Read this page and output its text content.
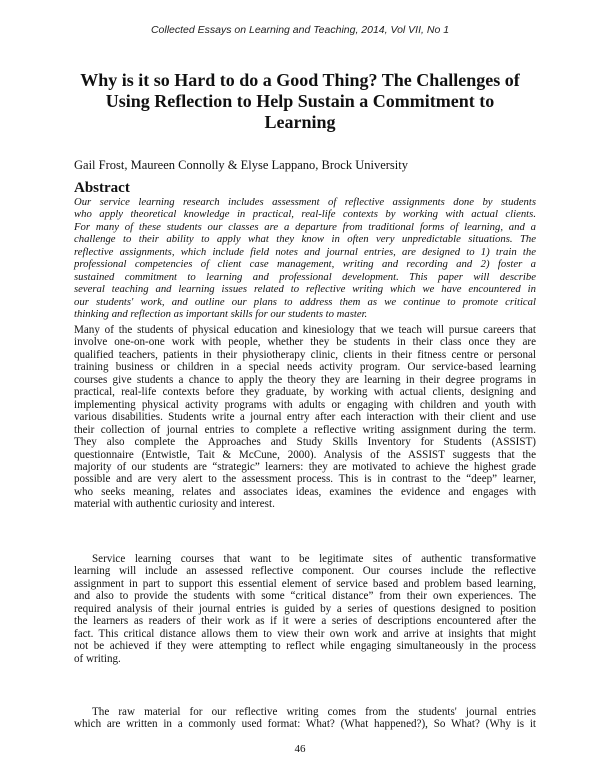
Collected Essays on Learning and Teaching, 2014, Vol VII, No 1
Why is it so Hard to do a Good Thing? The Challenges of
Using Reflection to Help Sustain a Commitment to
Learning
Gail Frost, Maureen Connolly & Elyse Lappano, Brock University
Abstract
Our service learning research includes assessment of reflective assignments done by students
who apply theoretical knowledge in practical, real-life contexts by working with actual clients.
For many of these students our classes are a departure from traditional forms of learning, and a
challenge to their ability to apply what they know in often very unpredictable situations. The
reflective assignments, which include field notes and journal entries, are designed to 1) train the
professional competencies of client case management, writing and recording and 2) foster a
sustained commitment to learning and professional development. This paper will describe
several teaching and learning issues related to reflective writing which we have encountered in
our students' work, and outline our plans to address them as we continue to promote critical
thinking and reflection as important skills for our students to master.
Many of the students of physical education and kinesiology that we teach will pursue careers that
involve one-on-one work with people, whether they be students in their class once they are
qualified teachers, patients in their physiotherapy clinic, clients in their fitness centre or personal
training business or children in a special needs activity program. Our service-based learning
courses give students a chance to apply the theory they are learning in their degree programs in
practical, real-life contexts before they graduate, by working with actual clients, designing and
implementing physical activity programs with adults or engaging with children and youth with
various disabilities. Students write a journal entry after each interaction with their client and use
their collection of journal entries to complete a reflective writing assignment during the term.
They also complete the Approaches and Study Skills Inventory for Students (ASSIST)
questionnaire (Entwistle, Tait & McCune, 2000). Analysis of the ASSIST suggests that the
majority of our students are “strategic” learners: they are motivated to achieve the highest grade
possible and are very alert to the assessment process. This is in contrast to the “deep” learner,
who seeks meaning, relates and associates ideas, examines the evidence and engages with
material with authentic curiosity and interest.
Service learning courses that want to be legitimate sites of authentic transformative
learning will include an assessed reflective component. Our courses include the reflective
assignment in part to support this essential element of service based and problem based learning,
and also to provide the students with some “critical distance” from their own experiences. The
required analysis of their journal entries is guided by a series of questions designed to position
the learners as readers of their work as if it were a series of descriptions encountered after the
fact. This critical distance allows them to view their own work and arrive at insights that might
not be achieved if they were attempting to reflect while engaging simultaneously in the process
of writing.
The raw material for our reflective writing comes from the students' journal entries
which are written in a commonly used format: What? (What happened?), So What? (Why is it
46
